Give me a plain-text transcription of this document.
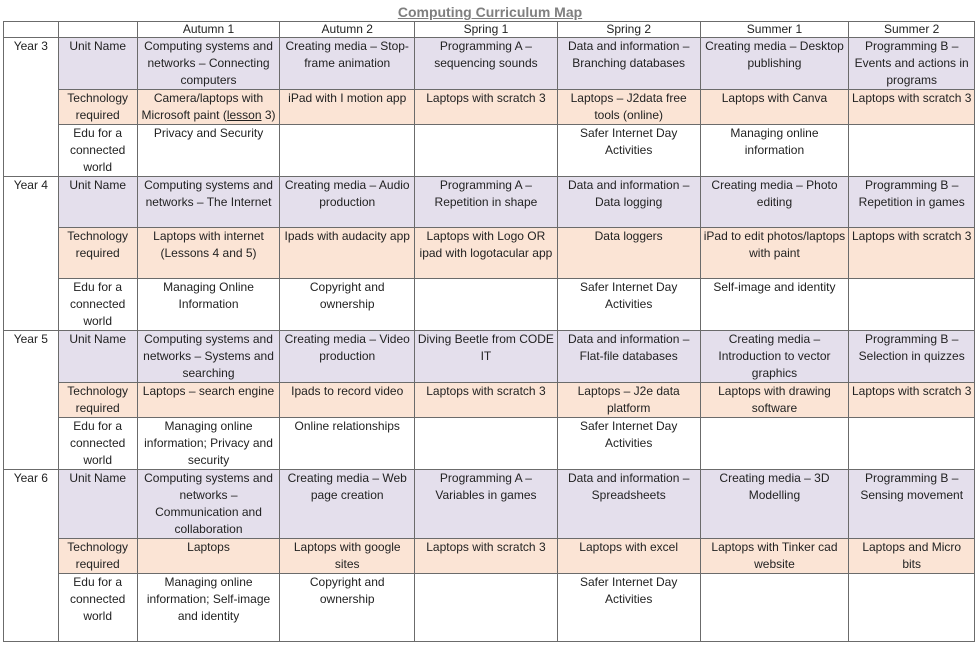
Computing Curriculum Map
		Autumn 1	Autumn 2	Spring 1	Spring 2	Summer 1	Summer 2
Year 3	Unit Name	Computing systems and networks – Connecting computers	Creating media – Stop-frame animation	Programming A – sequencing sounds	Data and information – Branching databases	Creating media – Desktop publishing	Programming B – Events and actions in programs
	Technology required	Camera/laptops with Microsoft paint (lesson 3)	iPad with I motion app	Laptops with scratch 3	Laptops – J2data free tools (online)	Laptops with Canva	Laptops with scratch 3
	Edu for a connected world	Privacy and Security			Safer Internet Day Activities	Managing online information	
Year 4	Unit Name	Computing systems and networks – The Internet	Creating media – Audio production	Programming A – Repetition in shape	Data and information – Data logging	Creating media – Photo editing	Programming B – Repetition in games
	Technology required	Laptops with internet (Lessons 4 and 5)	Ipads with audacity app	Laptops with Logo OR ipad with logotacular app	Data loggers	iPad to edit photos/laptops with paint	Laptops with scratch 3
	Edu for a connected world	Managing Online Information	Copyright and ownership		Safer Internet Day Activities	Self-image and identity	
Year 5	Unit Name	Computing systems and networks – Systems and searching	Creating media – Video production	Diving Beetle from CODE IT	Data and information – Flat-file databases	Creating media – Introduction to vector graphics	Programming B – Selection in quizzes
	Technology required	Laptops – search engine	Ipads to record video	Laptops with scratch 3	Laptops – J2e data platform	Laptops with drawing software	Laptops with scratch 3
	Edu for a connected world	Managing online information; Privacy and security	Online relationships		Safer Internet Day Activities		
Year 6	Unit Name	Computing systems and networks – Communication and collaboration	Creating media – Web page creation	Programming A – Variables in games	Data and information – Spreadsheets	Creating media – 3D Modelling	Programming B – Sensing movement
	Technology required	Laptops	Laptops with google sites	Laptops with scratch 3	Laptops with excel	Laptops with Tinker cad website	Laptops and Micro bits
	Edu for a connected world	Managing online information; Self-image and identity	Copyright and ownership		Safer Internet Day Activities		
